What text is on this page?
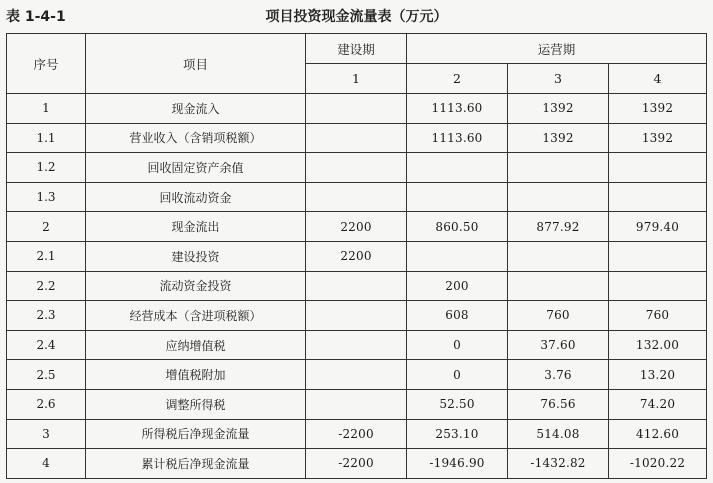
表 1-4-1	项目投资现金流量表（万元）
序号	项目	建设期	运营期		
		1	2	3	4
1	现金流入		1113.60	1392	1392
1.1	营业收入（含销项税额）		1113.60	1392	1392
1.2	回收固定资产余值				
1.3	回收流动资金				
2	现金流出	2200	860.50	877.92	979.40
2.1	建设投资	2200			
2.2	流动资金投资		200		
2.3	经营成本（含进项税额）		608	760	760
2.4	应纳增值税		0	37.60	132.00
2.5	增值税附加		0	3.76	13.20
2.6	调整所得税		52.50	76.56	74.20
3	所得税后净现金流量	-2200	253.10	514.08	412.60
4	累计税后净现金流量	-2200	-1946.90	-1432.82	-1020.22
